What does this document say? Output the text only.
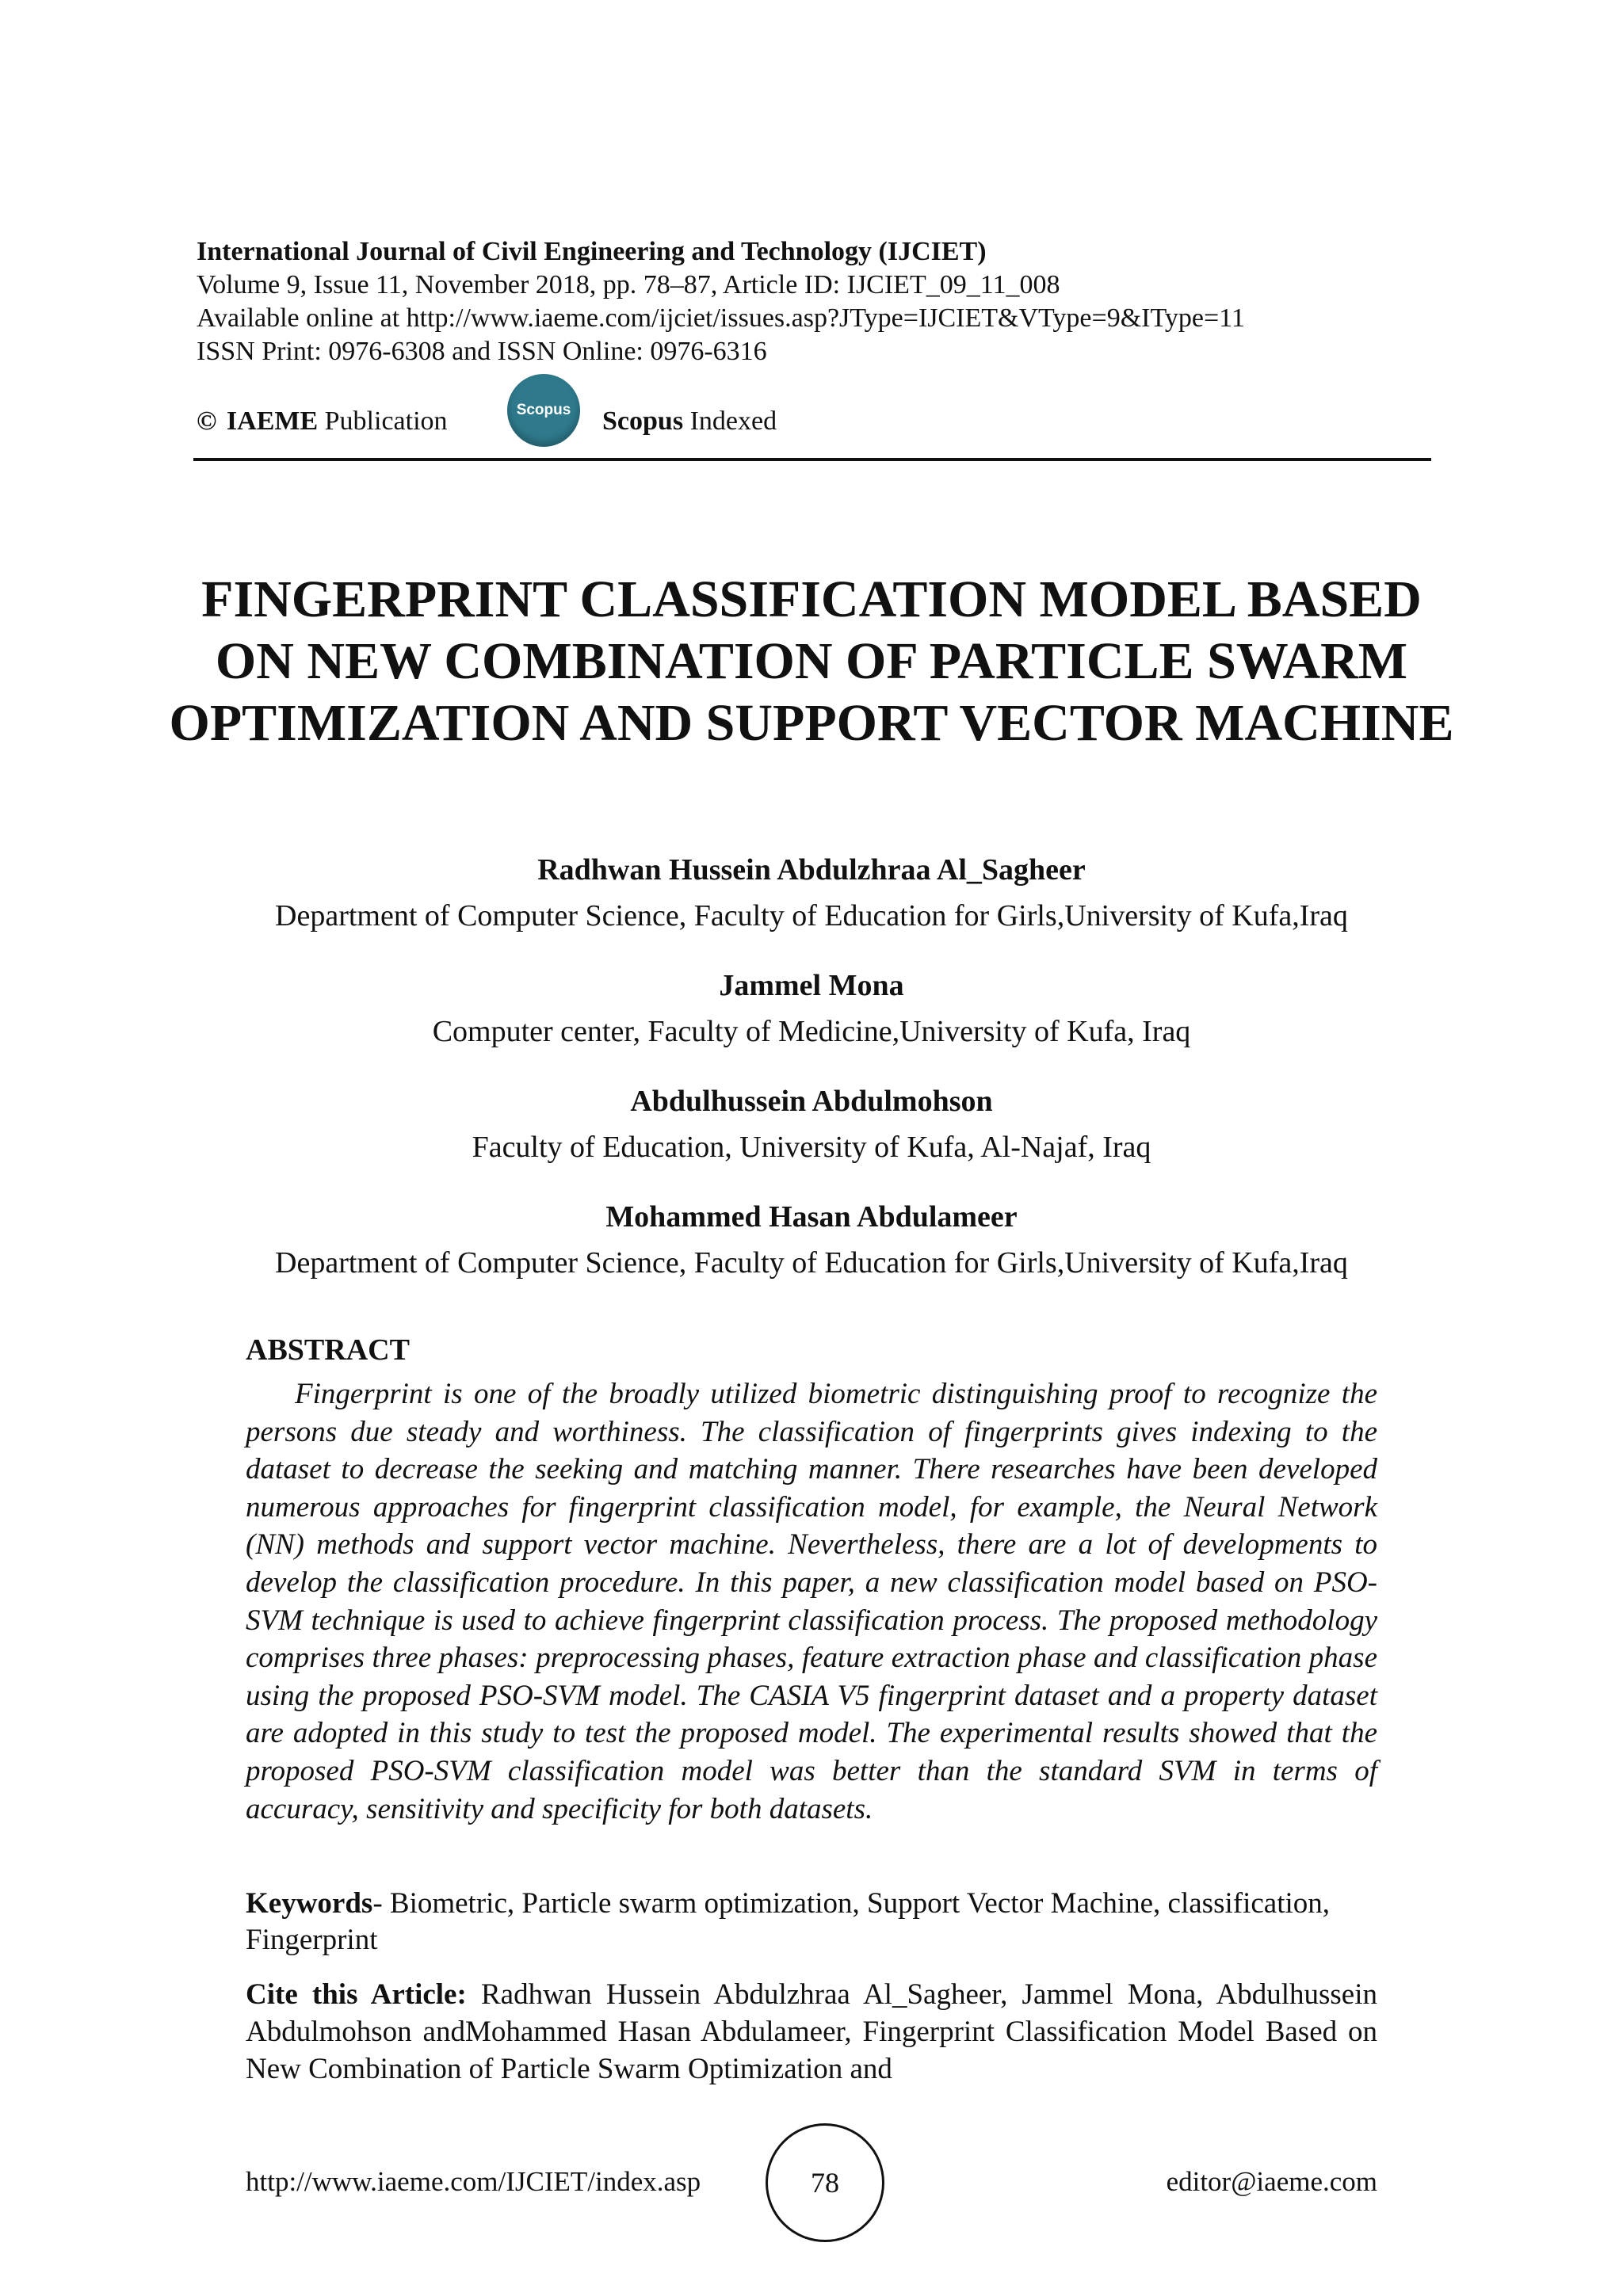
International Journal of Civil Engineering and Technology (IJCIET)
Volume 9, Issue 11, November 2018, pp. 78–87, Article ID: IJCIET_09_11_008
Available online at http://www.iaeme.com/ijciet/issues.asp?JType=IJCIET&VType=9&IType=11
ISSN Print: 0976-6308 and ISSN Online: 0976-6316
© IAEME Publication	Scopus Scopus Indexed
FINGERPRINT CLASSIFICATION MODEL BASED ON NEW COMBINATION OF PARTICLE SWARM OPTIMIZATION AND SUPPORT VECTOR MACHINE
Radhwan Hussein Abdulzhraa Al_Sagheer
Department of Computer Science, Faculty of Education for Girls,University of Kufa,Iraq
Jammel Mona
Computer center, Faculty of Medicine,University of Kufa, Iraq
Abdulhussein Abdulmohson
Faculty of Education, University of Kufa, Al-Najaf, Iraq
Mohammed Hasan Abdulameer
Department of Computer Science, Faculty of Education for Girls,University of Kufa,Iraq
ABSTRACT

Fingerprint is one of the broadly utilized biometric distinguishing proof to recognize the persons due steady and worthiness. The classification of fingerprints gives indexing to the dataset to decrease the seeking and matching manner. There researches have been developed numerous approaches for fingerprint classification model, for example, the Neural Network (NN) methods and support vector machine. Nevertheless, there are a lot of developments to develop the classification procedure. In this paper, a new classification model based on PSO-SVM technique is used to achieve fingerprint classification process. The proposed methodology comprises three phases: preprocessing phases, feature extraction phase and classification phase using the proposed PSO-SVM model. The CASIA V5 fingerprint dataset and a property dataset are adopted in this study to test the proposed model. The experimental results showed that the proposed PSO-SVM classification model was better than the standard SVM in terms of accuracy, sensitivity and specificity for both datasets.

Keywords- Biometric, Particle swarm optimization, Support Vector Machine, classification, Fingerprint

Cite this Article: Radhwan Hussein Abdulzhraa Al_Sagheer, Jammel Mona, Abdulhussein Abdulmohson andMohammed Hasan Abdulameer, Fingerprint Classification Model Based on New Combination of Particle Swarm Optimization and

http://www.iaeme.com/IJCIET/index.asp	78	editor@iaeme.com
